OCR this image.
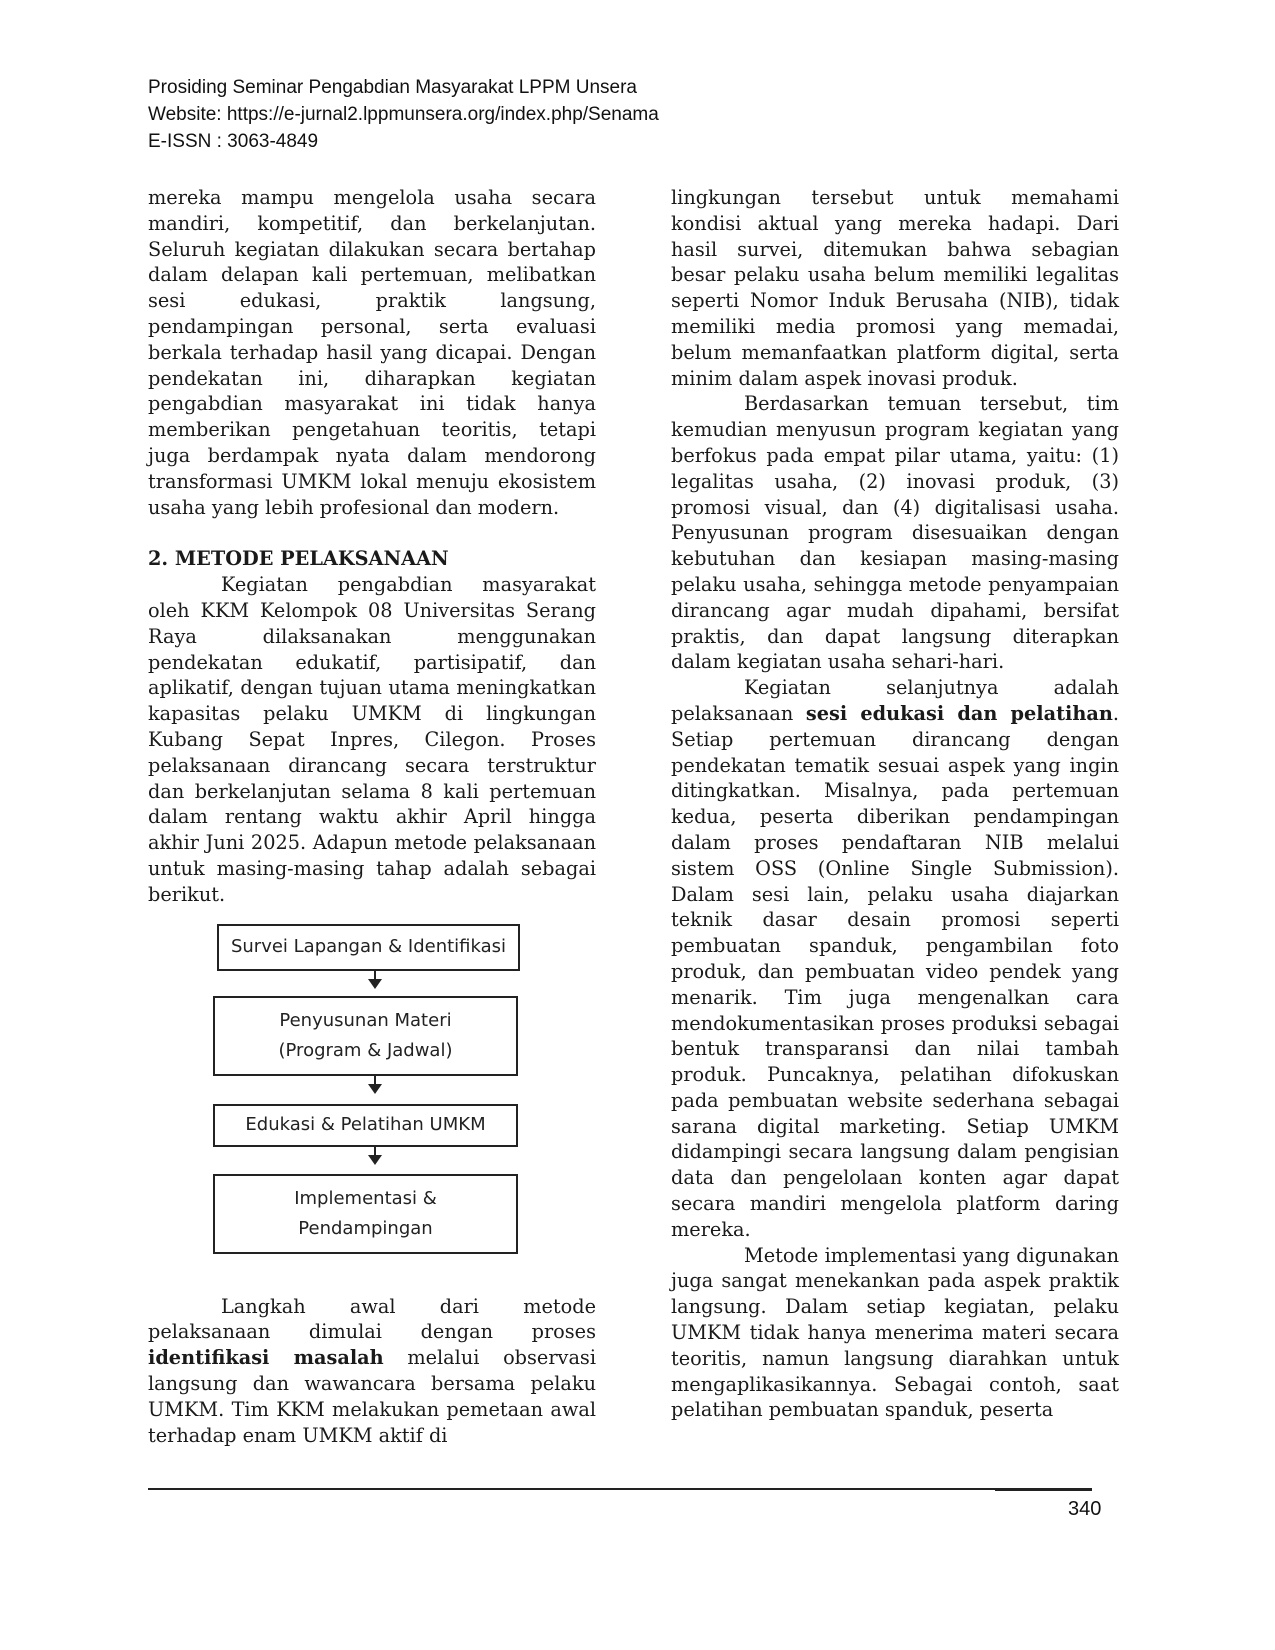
Prosiding Seminar Pengabdian Masyarakat LPPM Unsera
Website: https://e-jurnal2.lppmunsera.org/index.php/Senama
E-ISSN : 3063-4849

mereka mampu mengelola usaha secara mandiri, kompetitif, dan berkelanjutan. Seluruh kegiatan dilakukan secara bertahap dalam delapan kali pertemuan, melibatkan sesi edukasi, praktik langsung, pendampingan personal, serta evaluasi berkala terhadap hasil yang dicapai. Dengan pendekatan ini, diharapkan kegiatan pengabdian masyarakat ini tidak hanya memberikan pengetahuan teoritis, tetapi juga berdampak nyata dalam mendorong transformasi UMKM lokal menuju ekosistem usaha yang lebih profesional dan modern.

2. METODE PELAKSANAAN

Kegiatan pengabdian masyarakat oleh KKM Kelompok 08 Universitas Serang Raya dilaksanakan menggunakan pendekatan edukatif, partisipatif, dan aplikatif, dengan tujuan utama meningkatkan kapasitas pelaku UMKM di lingkungan Kubang Sepat Inpres, Cilegon. Proses pelaksanaan dirancang secara terstruktur dan berkelanjutan selama 8 kali pertemuan dalam rentang waktu akhir April hingga akhir Juni 2025. Adapun metode pelaksanaan untuk masing-masing tahap adalah sebagai berikut.

Survei Lapangan & Identifikasi
Penyusunan Materi
(Program & Jadwal)
Edukasi & Pelatihan UMKM
Implementasi &
Pendampingan

Langkah awal dari metode pelaksanaan dimulai dengan proses identifikasi masalah melalui observasi langsung dan wawancara bersama pelaku UMKM. Tim KKM melakukan pemetaan awal terhadap enam UMKM aktif di

lingkungan tersebut untuk memahami kondisi aktual yang mereka hadapi. Dari hasil survei, ditemukan bahwa sebagian besar pelaku usaha belum memiliki legalitas seperti Nomor Induk Berusaha (NIB), tidak memiliki media promosi yang memadai, belum memanfaatkan platform digital, serta minim dalam aspek inovasi produk.

Berdasarkan temuan tersebut, tim kemudian menyusun program kegiatan yang berfokus pada empat pilar utama, yaitu: (1) legalitas usaha, (2) inovasi produk, (3) promosi visual, dan (4) digitalisasi usaha. Penyusunan program disesuaikan dengan kebutuhan dan kesiapan masing-masing pelaku usaha, sehingga metode penyampaian dirancang agar mudah dipahami, bersifat praktis, dan dapat langsung diterapkan dalam kegiatan usaha sehari-hari.

Kegiatan selanjutnya adalah pelaksanaan sesi edukasi dan pelatihan. Setiap pertemuan dirancang dengan pendekatan tematik sesuai aspek yang ingin ditingkatkan. Misalnya, pada pertemuan kedua, peserta diberikan pendampingan dalam proses pendaftaran NIB melalui sistem OSS (Online Single Submission). Dalam sesi lain, pelaku usaha diajarkan teknik dasar desain promosi seperti pembuatan spanduk, pengambilan foto produk, dan pembuatan video pendek yang menarik. Tim juga mengenalkan cara mendokumentasikan proses produksi sebagai bentuk transparansi dan nilai tambah produk. Puncaknya, pelatihan difokuskan pada pembuatan website sederhana sebagai sarana digital marketing. Setiap UMKM didampingi secara langsung dalam pengisian data dan pengelolaan konten agar dapat secara mandiri mengelola platform daring mereka.

Metode implementasi yang digunakan juga sangat menekankan pada aspek praktik langsung. Dalam setiap kegiatan, pelaku UMKM tidak hanya menerima materi secara teoritis, namun langsung diarahkan untuk mengaplikasikannya. Sebagai contoh, saat pelatihan pembuatan spanduk, peserta

340
